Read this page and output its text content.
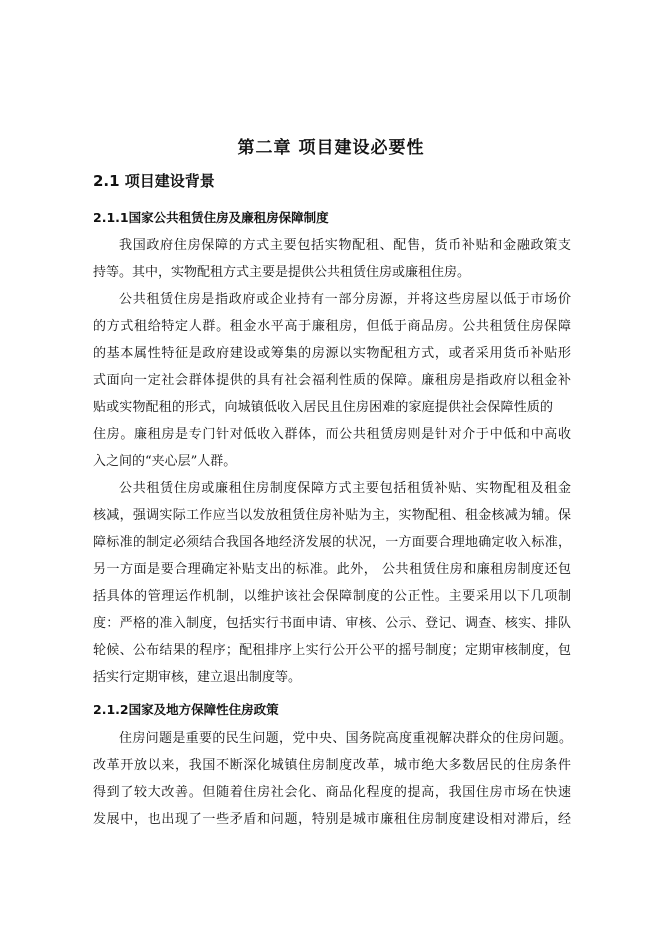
第二章 项目建设必要性
2.1 项目建设背景
2.1.1国家公共租赁住房及廉租房保障制度

我国政府住房保障的方式主要包括实物配租、配售，货币补贴和金融政策支

持等。其中，实物配租方式主要是提供公共租赁住房或廉租住房。

公共租赁住房是指政府或企业持有一部分房源，并将这些房屋以低于市场价

的方式租给特定人群。租金水平高于廉租房，但低于商品房。公共租赁住房保障

的基本属性特征是政府建设或筹集的房源以实物配租方式，或者采用货币补贴形

式面向一定社会群体提供的具有社会福利性质的保障。廉租房是指政府以租金补

贴或实物配租的形式，向城镇低收入居民且住房困难的家庭提供社会保障性质的

住房。廉租房是专门针对低收入群体，而公共租赁房则是针对介于中低和中高收

入之间的“夹心层”人群。

公共租赁住房或廉租住房制度保障方式主要包括租赁补贴、实物配租及租金

核减，强调实际工作应当以发放租赁住房补贴为主，实物配租、租金核减为辅。保

障标准的制定必须结合我国各地经济发展的状况，一方面要合理地确定收入标准，

另一方面是要合理确定补贴支出的标准。此外， 公共租赁住房和廉租房制度还包

括具体的管理运作机制，以维护该社会保障制度的公正性。主要采用以下几项制

度：严格的准入制度，包括实行书面申请、审核、公示、登记、调查、核实、排队

轮候、公布结果的程序；配租排序上实行公开公平的摇号制度；定期审核制度，包

括实行定期审核，建立退出制度等。

2.1.2国家及地方保障性住房政策

住房问题是重要的民生问题，党中央、国务院高度重视解决群众的住房问题。

改革开放以来，我国不断深化城镇住房制度改革，城市绝大多数居民的住房条件

得到了较大改善。但随着住房社会化、商品化程度的提高，我国住房市场在快速

发展中，也出现了一些矛盾和问题，特别是城市廉租住房制度建设相对滞后，经
